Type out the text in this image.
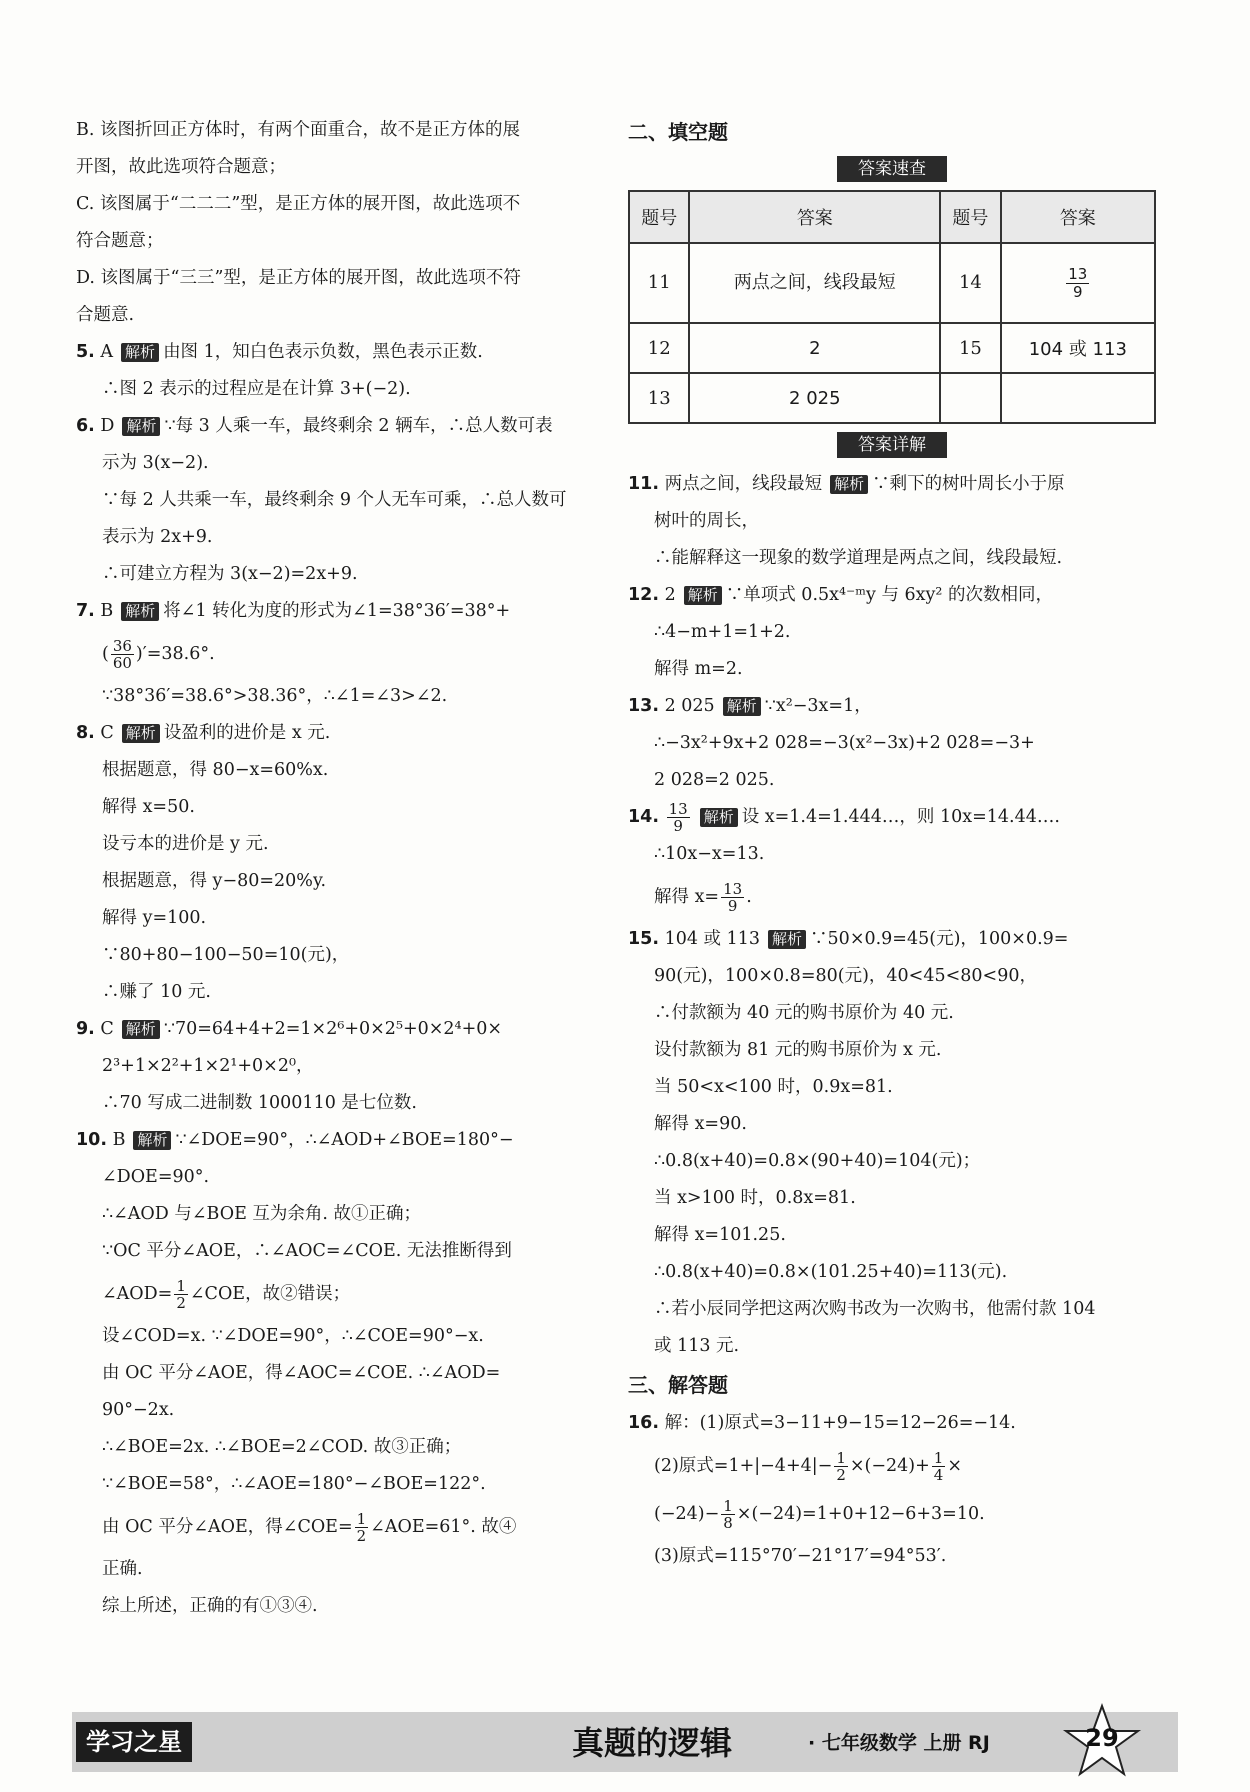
B. 该图折回正方体时，有两个面重合，故不是正方体的展
开图，故此选项符合题意；
C. 该图属于“二二二”型，是正方体的展开图，故此选项不
符合题意；
D. 该图属于“三三”型，是正方体的展开图，故此选项不符
合题意.
5. A 解析 由图 1，知白色表示负数，黑色表示正数.
∴图 2 表示的过程应是在计算 3+(−2).
6. D 解析 ∵每 3 人乘一车，最终剩余 2 辆车，∴总人数可表
示为 3(x−2).
∵每 2 人共乘一车，最终剩余 9 个人无车可乘，∴总人数可
表示为 2x+9.
∴可建立方程为 3(x−2)=2x+9.
7. B 解析 将∠1 转化为度的形式为∠1=38°36′=38°+
( $\frac{36}{60} )'=38.6^\circ$.
∵38°36′=38.6°>38.36°，∴∠1=∠3>∠2.
8. C 解析 设盈利的进价是 x 元.
根据题意，得 80−x=60%x.
解得 x=50.
设亏本的进价是 y 元.
根据题意，得 y−80=20%y.
解得 y=100.
∵80+80−100−50=10(元)，
∴赚了 10 元.
9. C 解析 ∵70=64+4+2=1×2⁶+0×2⁵+0×2⁴+0×
2³+1×2²+1×2¹+0×2⁰，
∴70 写成二进制数 1000110 是七位数.
10. B 解析 ∵∠DOE=90°，∴∠AOD+∠BOE=180°−
∠DOE=90°.
∴∠AOD 与∠BOE 互为余角. 故①正确；
∵OC 平分∠AOE，∴∠AOC=∠COE. 无法推断得到
∠AOD= $\frac{1}{2}$ ∠COE，故②错误；
设∠COD=x. ∵∠DOE=90°，∴∠COE=90°−x.
由 OC 平分∠AOE，得∠AOC=∠COE. ∴∠AOD=
90°−2x.
∴∠BOE=2x. ∴∠BOE=2∠COD. 故③正确；
∵∠BOE=58°，∴∠AOE=180°−∠BOE=122°.
由 OC 平分∠AOE，得∠COE= $\frac{1}{2}$ ∠AOE=61°. 故④
正确.
综上所述，正确的有①③④.
二、填空题
答案速查
题号	答案	题号	答案
11	两点之间，线段最短	14	$\frac{13}{9}$

12	2	15	104 或 113
13	2 025		
答案详解
11. 两点之间，线段最短 解析 ∵剩下的树叶周长小于原
树叶的周长，
∴能解释这一现象的数学道理是两点之间，线段最短.
12. 2 解析 ∵单项式 0.5x⁴⁻ᵐy 与 6xy² 的次数相同，
∴4−m+1=1+2.
解得 m=2.
13. 2 025 解析 ∵x²−3x=1，
∴−3x²+9x+2 028=−3(x²−3x)+2 028=−3+
2 028=2 025.
14. $\frac{13}{9}$ 解析 设 x=1.4̇=1.444…，则 10x=14.44….
∴10x−x=13.
解得 $x= \frac{13}{9}$ .
15. 104 或 113 解析 ∵50×0.9=45(元)，100×0.9=
90(元)，100×0.8=80(元)，40<45<80<90，
∴付款额为 40 元的购书原价为 40 元.
设付款额为 81 元的购书原价为 x 元.
当 50<x<100 时，0.9x=81.
解得 x=90.
∴0.8(x+40)=0.8×(90+40)=104(元)；
当 x>100 时，0.8x=81.
解得 x=101.25.
∴0.8(x+40)=0.8×(101.25+40)=113(元).
∴若小辰同学把这两次购书改为一次购书，他需付款 104
或 113 元.
三、解答题
16. 解：(1)原式=3−11+9−15=12−26=−14.
(2)原式$=1+|-4+4|- \frac{1}{2} \times(-24)+ \frac{1}{4}$ ×
$(-24)- \frac{1}{8} \times(-24)=1+0+12-6+3=10$.
(3)原式=115°70′−21°17′=94°53′.
学习之星	真题的逻辑	· 七年级数学 上册 RJ	29
